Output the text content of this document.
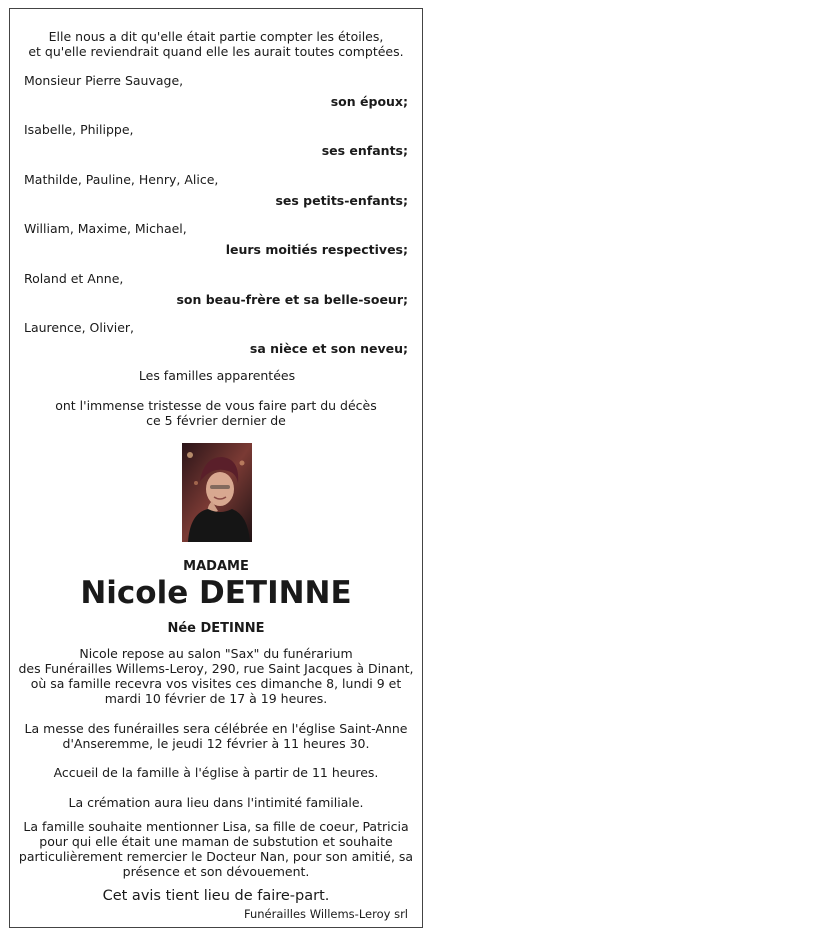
Elle nous a dit qu'elle était partie compter les étoiles,
et qu'elle reviendrait quand elle les aurait toutes comptées.

Monsieur Pierre Sauvage,

son époux;

Isabelle, Philippe,

ses enfants;

Mathilde, Pauline, Henry, Alice,

ses petits-enfants;

William, Maxime, Michael,

leurs moitiés respectives;

Roland et Anne,

son beau-frère et sa belle-soeur;

Laurence, Olivier,

sa nièce et son neveu;

Les familles apparentées

ont l'immense tristesse de vous faire part du décès
ce 5 février dernier de

MADAME

Nicole DETINNE

Née DETINNE

Nicole repose au salon "Sax" du funérarium
des Funérailles Willems-Leroy, 290, rue Saint Jacques à Dinant,
où sa famille recevra vos visites ces dimanche 8, lundi 9 et
mardi 10 février de 17 à 19 heures.
La messe des funérailles sera célébrée en l'église Saint-Anne
d'Anseremme, le jeudi 12 février à 11 heures 30.

Accueil de la famille à l'église à partir de 11 heures.

La crémation aura lieu dans l'intimité familiale.

La famille souhaite mentionner Lisa, sa fille de coeur, Patricia
pour qui elle était une maman de substution et souhaite
particulièrement remercier le Docteur Nan, pour son amitié, sa
présence et son dévouement.

Cet avis tient lieu de faire-part.

Funérailles Willems-Leroy srl
